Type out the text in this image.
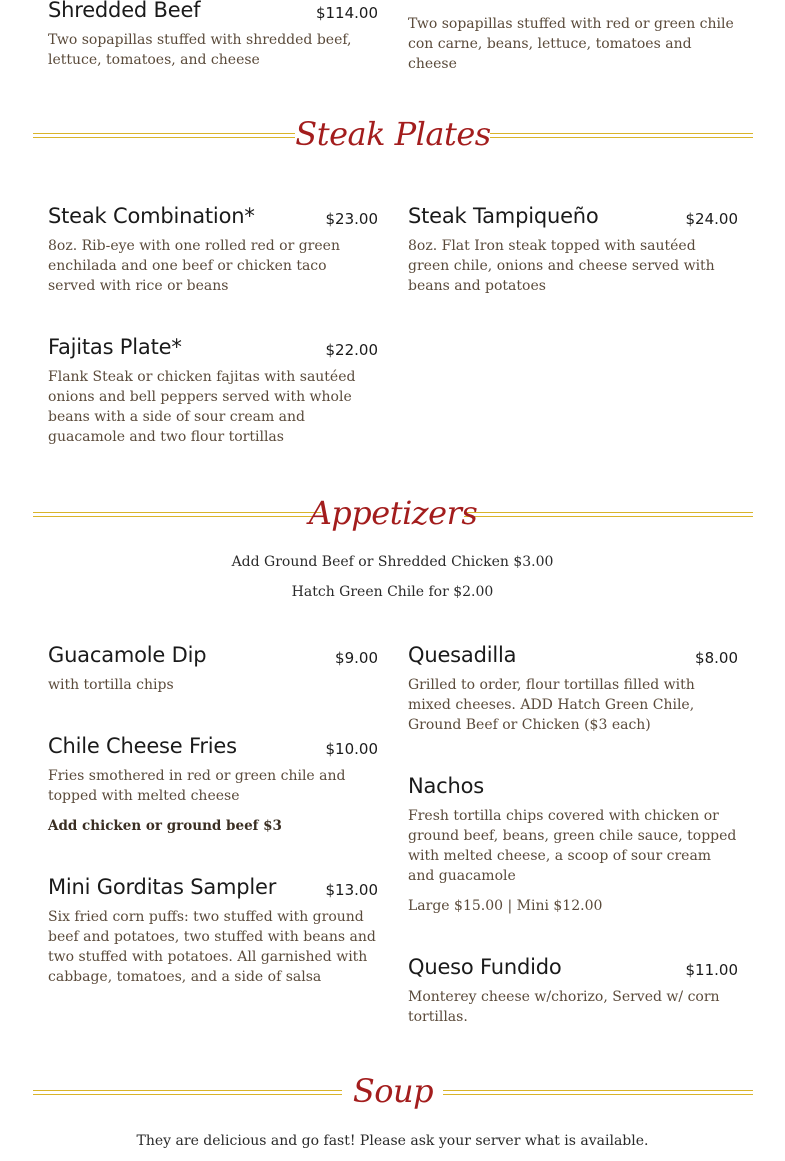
Shredded Beef	$114.00
Two sopapillas stuffed with shredded beef, lettuce, tomatoes, and cheese
Two sopapillas stuffed with red or green chile con carne, beans, lettuce, tomatoes and cheese
Steak Plates
Steak Combination*	$23.00
8oz. Rib-eye with one rolled red or green enchilada and one beef or chicken taco served with rice or beans
Steak Tampiqueño	$24.00
8oz. Flat Iron steak topped with sautéed green chile, onions and cheese served with beans and potatoes
Fajitas Plate*	$22.00
Flank Steak or chicken fajitas with sautéed onions and bell peppers served with whole beans with a side of sour cream and guacamole and two flour tortillas
Appetizers
Add Ground Beef or Shredded Chicken $3.00
Hatch Green Chile for $2.00
Guacamole Dip	$9.00
with tortilla chips
Quesadilla	$8.00
Grilled to order, flour tortillas filled with mixed cheeses. ADD Hatch Green Chile, Ground Beef or Chicken ($3 each)
Chile Cheese Fries	$10.00
Fries smothered in red or green chile and topped with melted cheese
Add chicken or ground beef $3
Nachos
Fresh tortilla chips covered with chicken or ground beef, beans, green chile sauce, topped with melted cheese, a scoop of sour cream and guacamole
Large $15.00 | Mini $12.00
Mini Gorditas Sampler	$13.00
Six fried corn puffs: two stuffed with ground beef and potatoes, two stuffed with beans and two stuffed with potatoes. All garnished with cabbage, tomatoes, and a side of salsa	Queso Fundido	$11.00
Monterey cheese w/chorizo, Served w/ corn tortillas.
Soup
They are delicious and go fast! Please ask your server what is available.
